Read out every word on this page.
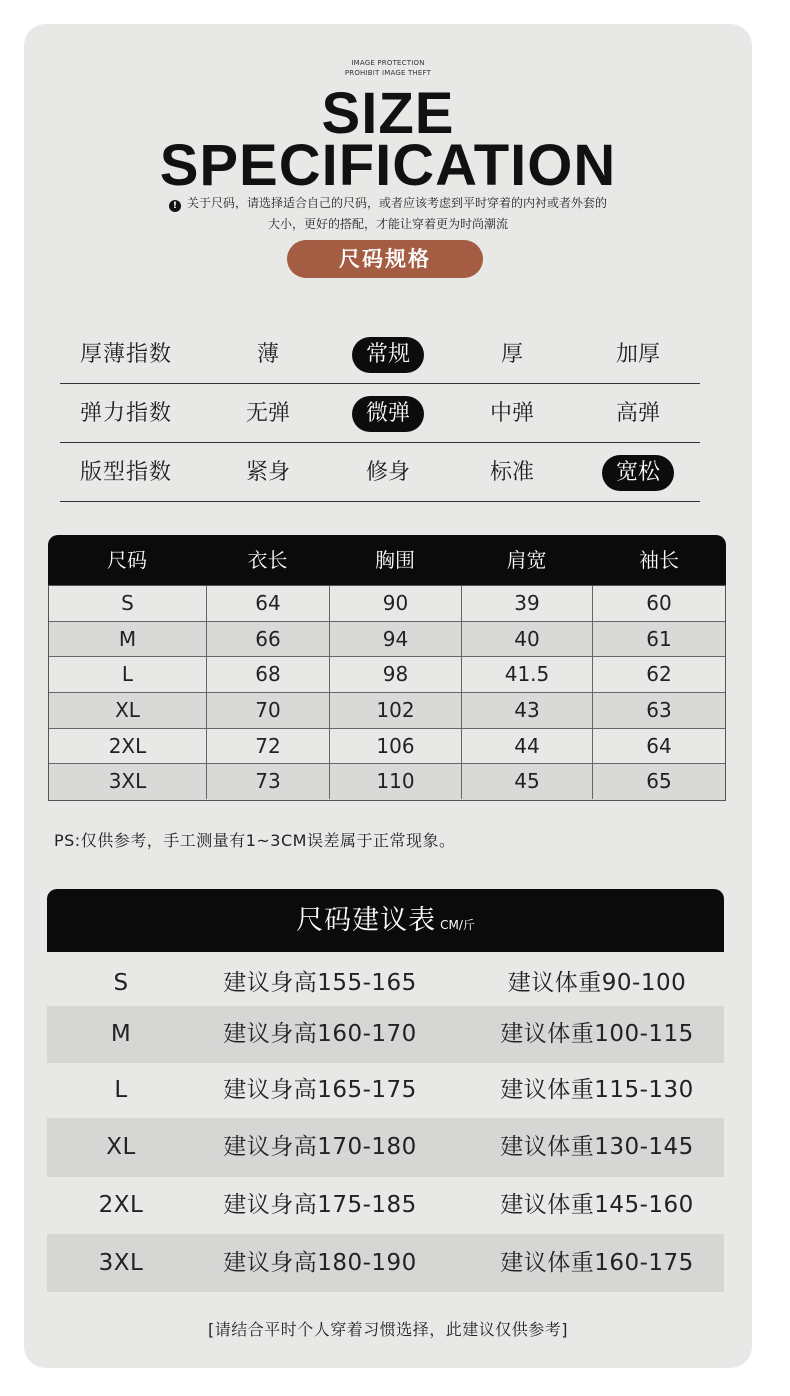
IMAGE PROTECTION
PROHIBIT IMAGE THEFT
SIZE
SPECIFICATION
! 关于尺码，请选择适合自己的尺码，或者应该考虑到平时穿着的内衬或者外套的
大小，更好的搭配，才能让穿着更为时尚潮流
尺码规格
厚薄指数	薄	常规	厚	加厚
弹力指数	无弹	微弹	中弹	高弹
版型指数	紧身	修身	标准	宽松
尺码	衣长	胸围	肩宽	袖长
S	64	90	39	60
M	66	94	40	61
L	68	98	41.5	62
XL	70	102	43	63
2XL	72	106	44	64
3XL	73	110	45	65
PS:仅供参考，手工测量有1~3CM误差属于正常现象。
尺码建议表 CM/斤
S	建议身高155-165	建议体重90-100
M	建议身高160-170	建议体重100-115
L	建议身高165-175	建议体重115-130
XL	建议身高170-180	建议体重130-145
2XL	建议身高175-185	建议体重145-160
3XL	建议身高180-190	建议体重160-175
[请结合平时个人穿着习惯选择，此建议仅供参考]
